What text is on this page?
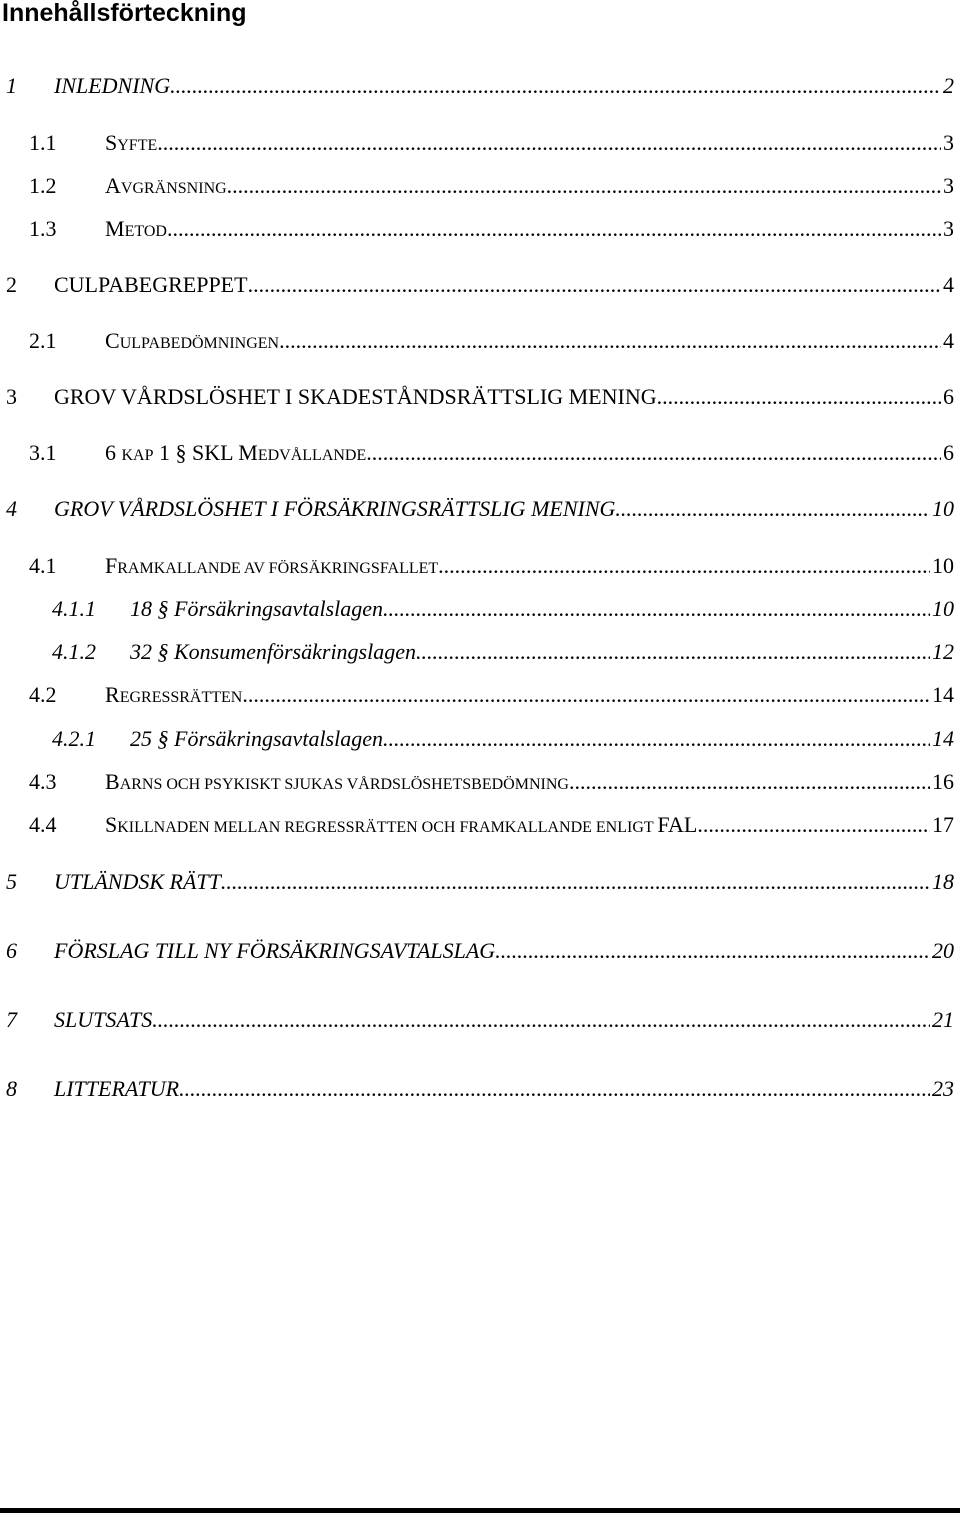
Innehållsförteckning
1	INLEDNING .....	2
1.1	SYFTE .....	3
1.2	AVGRÄNSNING .....	3
1.3	METOD .....	3
2	CULPABEGREPPET .....	4
2.1	CULPABEDÖMNINGEN .....	4
3	GROV VÅRDSLÖSHET I SKADESTÅNDSRÄTTSLIG MENING .....	6
3.1	6 KAP 1 § SKL MEDVÅLLANDE .....	6
4	GROV VÅRDSLÖSHET I FÖRSÄKRINGSRÄTTSLIG MENING .....	10
4.1	FRAMKALLANDE AV FÖRSÄKRINGSFALLET .....	10
4.1.1	18 § Försäkringsavtalslagen .....	10
4.1.2	32 § Konsumenförsäkringslagen .....	12
4.2	REGRESSRÄTTEN .....	14
4.2.1	25 § Försäkringsavtalslagen .....	14
4.3	BARNS OCH PSYKISKT SJUKAS VÅRDSLÖSHETSBEDÖMNING .....	16
4.4	SKILLNADEN MELLAN REGRESSRÄTTEN OCH FRAMKALLANDE ENLIGT FAL .....	17
5	UTLÄNDSK RÄTT .....	18
6	FÖRSLAG TILL NY FÖRSÄKRINGSAVTALSLAG .....	20
7	SLUTSATS .....	21
8	LITTERATUR .....	23
